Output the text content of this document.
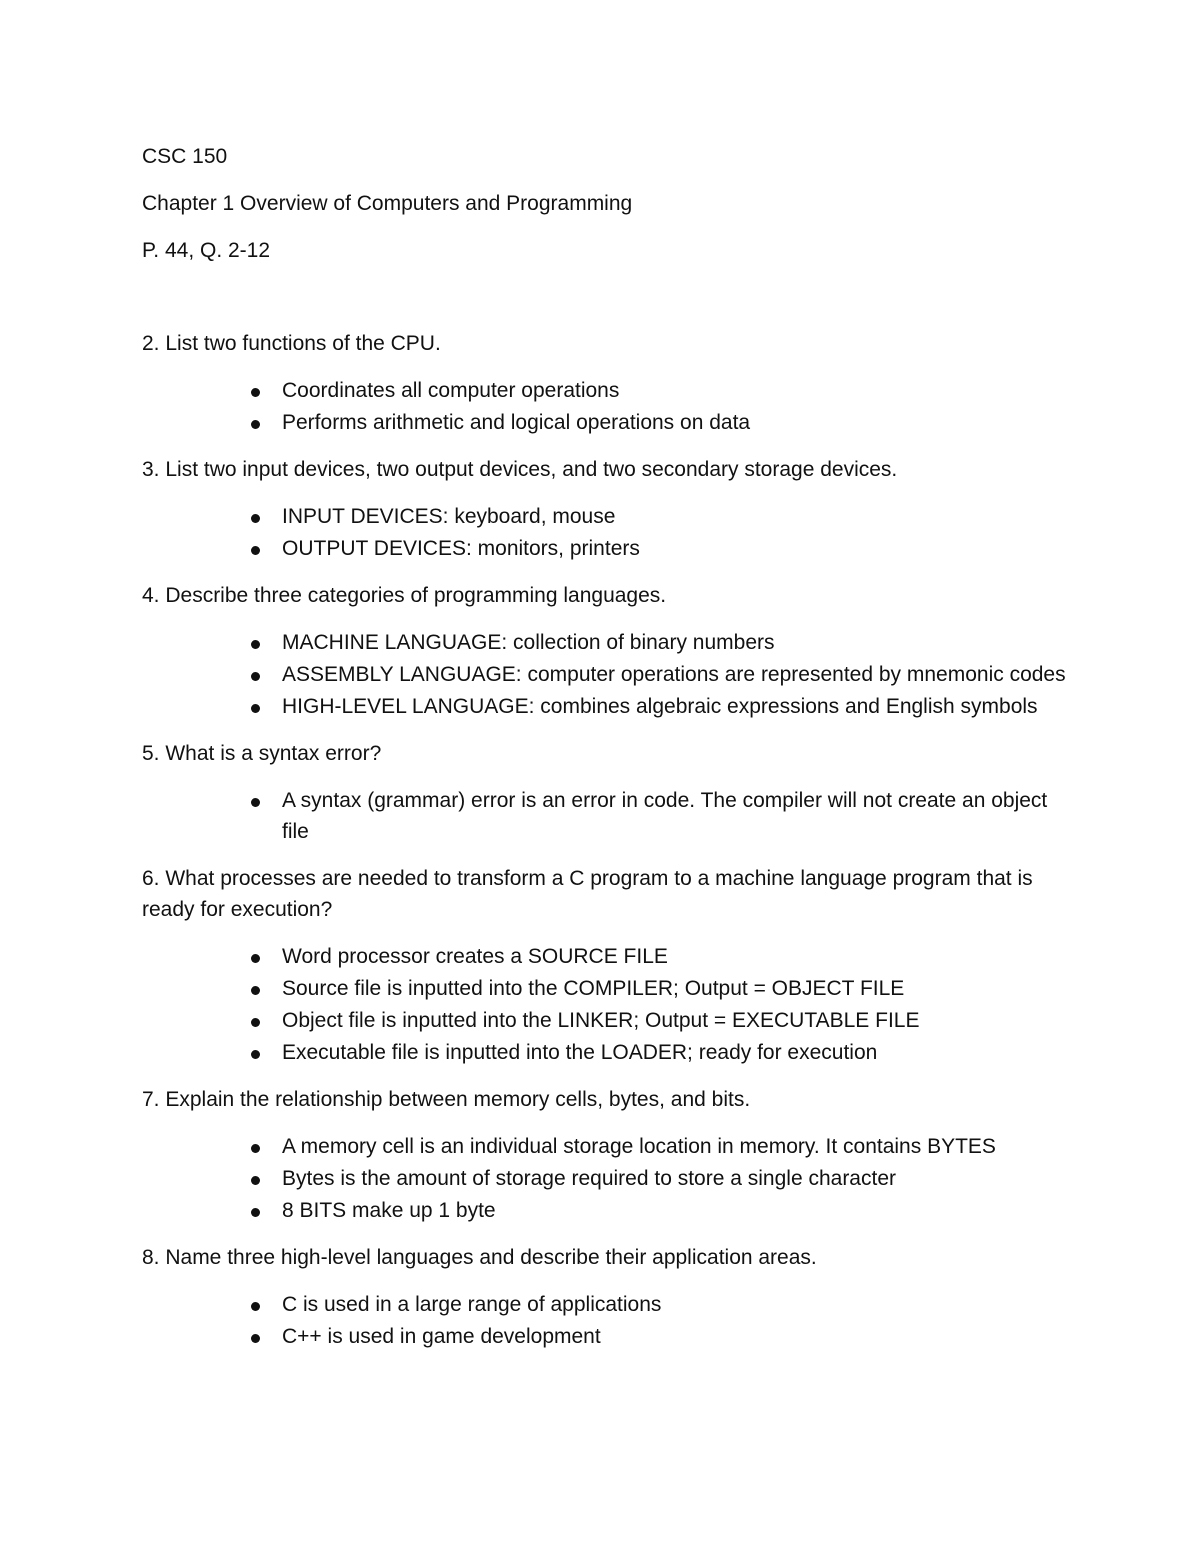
CSC 150
Chapter 1 Overview of Computers and Programming
P. 44, Q. 2-12
2. List two functions of the CPU.
Coordinates all computer operations
Performs arithmetic and logical operations on data
3. List two input devices, two output devices, and two secondary storage devices.
INPUT DEVICES: keyboard, mouse
OUTPUT DEVICES: monitors, printers
4. Describe three categories of programming languages.
MACHINE LANGUAGE: collection of binary numbers
ASSEMBLY LANGUAGE: computer operations are represented by mnemonic codes
HIGH-LEVEL LANGUAGE: combines algebraic expressions and English symbols
5. What is a syntax error?
A syntax (grammar) error is an error in code. The compiler will not create an object file
6. What processes are needed to transform a C program to a machine language program that is ready for execution?
Word processor creates a SOURCE FILE
Source file is inputted into the COMPILER; Output = OBJECT FILE
Object file is inputted into the LINKER; Output = EXECUTABLE FILE
Executable file is inputted into the LOADER; ready for execution
7. Explain the relationship between memory cells, bytes, and bits.
A memory cell is an individual storage location in memory. It contains BYTES
Bytes is the amount of storage required to store a single character
8 BITS make up 1 byte
8. Name three high-level languages and describe their application areas.
C is used in a large range of applications
C++ is used in game development
